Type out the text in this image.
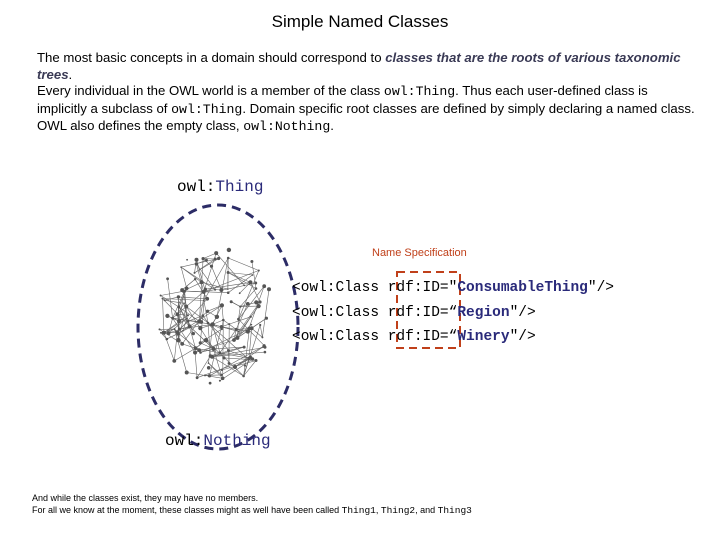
Simple Named Classes
The most basic concepts in a domain should correspond to classes that are the roots of various taxonomic trees.
Every individual in the OWL world is a member of the class owl:Thing. Thus each user-defined class is implicitly a subclass of owl:Thing. Domain specific root classes are defined by simply declaring a named class. OWL also defines the empty class, owl:Nothing.
owl:Thing
owl:Nothing
Name Specification
<owl:Class rdf:ID="ConsumableThing"/>
<owl:Class rdf:ID=“Region"/>
<owl:Class rdf:ID=“Winery"/>
And while the classes exist, they may have no members.
For all we know at the moment, these classes might as well have been called Thing1, Thing2, and Thing3
